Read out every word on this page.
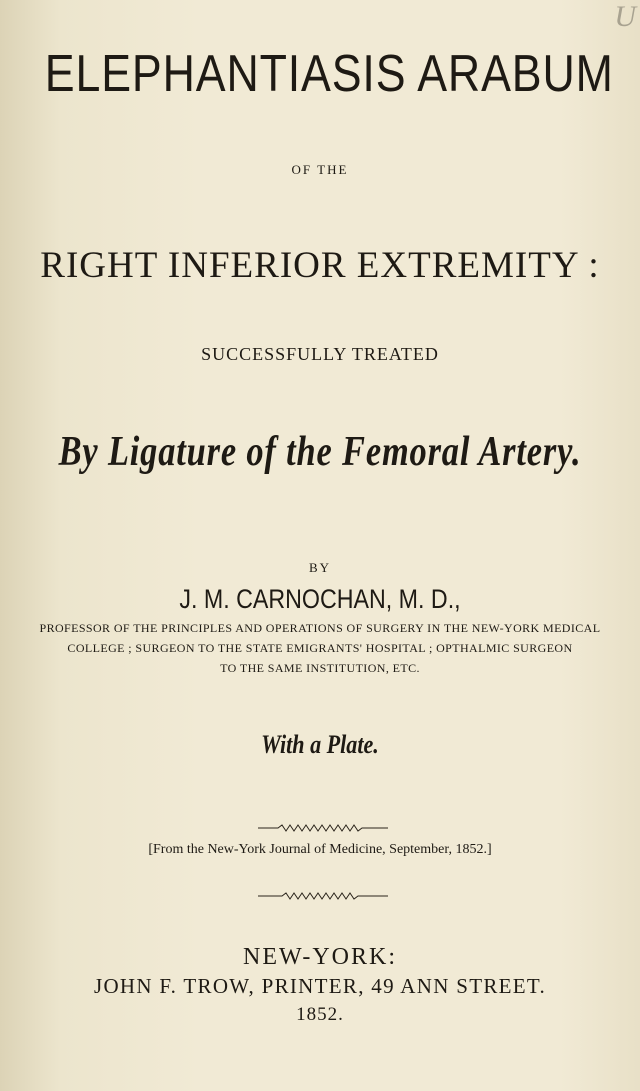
U
ELEPHANTIASIS ARABUM
OF THE
RIGHT INFERIOR EXTREMITY :
SUCCESSFULLY TREATED
By Ligature of the Femoral Artery.
BY
J. M. CARNOCHAN, M. D.,
PROFESSOR OF THE PRINCIPLES AND OPERATIONS OF SURGERY IN THE NEW-YORK MEDICAL
COLLEGE ; SURGEON TO THE STATE EMIGRANTS' HOSPITAL ; OPTHALMIC SURGEON
TO THE SAME INSTITUTION, ETC.
With a Plate.
[From the New-York Journal of Medicine, September, 1852.]
NEW-YORK:
JOHN F. TROW, PRINTER, 49 ANN STREET.
1852.
